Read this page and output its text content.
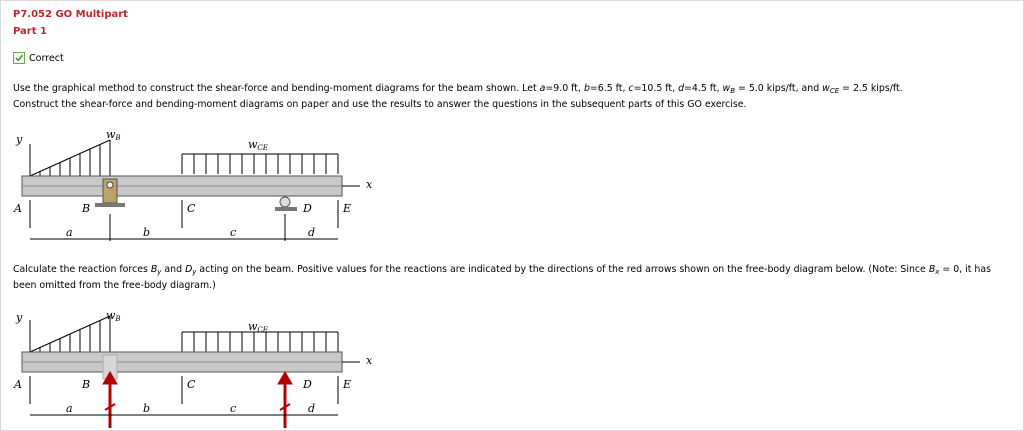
P7.052 GO Multipart
Part 1
Correct
Use the graphical method to construct the shear-force and bending-moment diagrams for the beam shown. Let a=9.0 ft, b=6.5 ft, c=10.5 ft, d=4.5 ft, $w_B = 5.0$ kips/ft, and $w_{CE} = 2.5$ kips/ft.
Construct the shear-force and bending-moment diagrams on paper and use the results to answer the questions in the subsequent parts of this GO exercise.
Calculate the reaction forces $B_y$ and $D_y$ acting on the beam. Positive values for the reactions are indicated by the directions of the red arrows shown on the free-body diagram below. (Note: Since $B_x = 0$, it has been omitted from the free-body diagram.)
y	wB	wCE
x
A	B	C	D	E
a	b	c	d
y	wB
wCE
x
A	B	C	D	E
a	b	c	d
